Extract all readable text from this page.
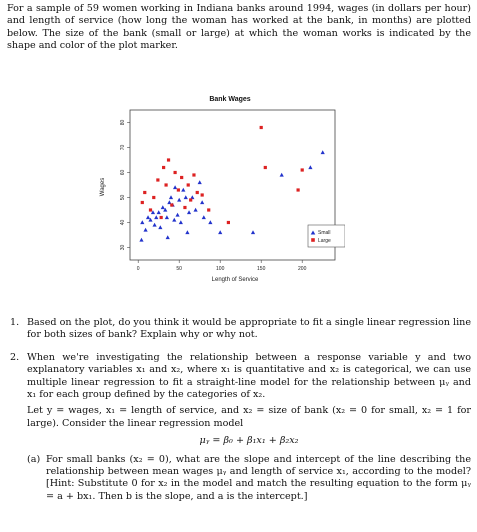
For a sample of 59 women working in Indiana banks around 1994, wages (in dollars per hour) and length of service (how long the woman has worked at the bank, in months) are plotted below. The size of the bank (small or large) at which the woman works is indicated by the shape and color of the plot marker.

Bank Wages
0	50	100	150	200
30
40
50
60
70
80
Length of Service
Wages
Small
Large
1. Based on the plot, do you think it would be appropriate to fit a single linear regression line for both sizes of bank? Explain why or why not.

2. When we're investigating the relationship between a response variable y and two explanatory variables x₁ and x₂, where x₁ is quantitative and x₂ is categorical, we can use multiple linear regression to fit a straight-line model for the relationship between μᵧ and x₁ for each group defined by the categories of x₂.

Let y = wages, x₁ = length of service, and x₂ = size of bank (x₂ = 0 for small, x₂ = 1 for large). Consider the linear regression model

μᵧ = β₀ + β₁x₁ + β₂x₂
(a) For small banks (x₂ = 0), what are the slope and intercept of the line describing the relationship between mean wages μᵧ and length of service x₁, according to the model? [Hint: Substitute 0 for x₂ in the model and match the resulting equation to the form μᵧ = a + bx₁. Then b is the slope, and a is the intercept.]
